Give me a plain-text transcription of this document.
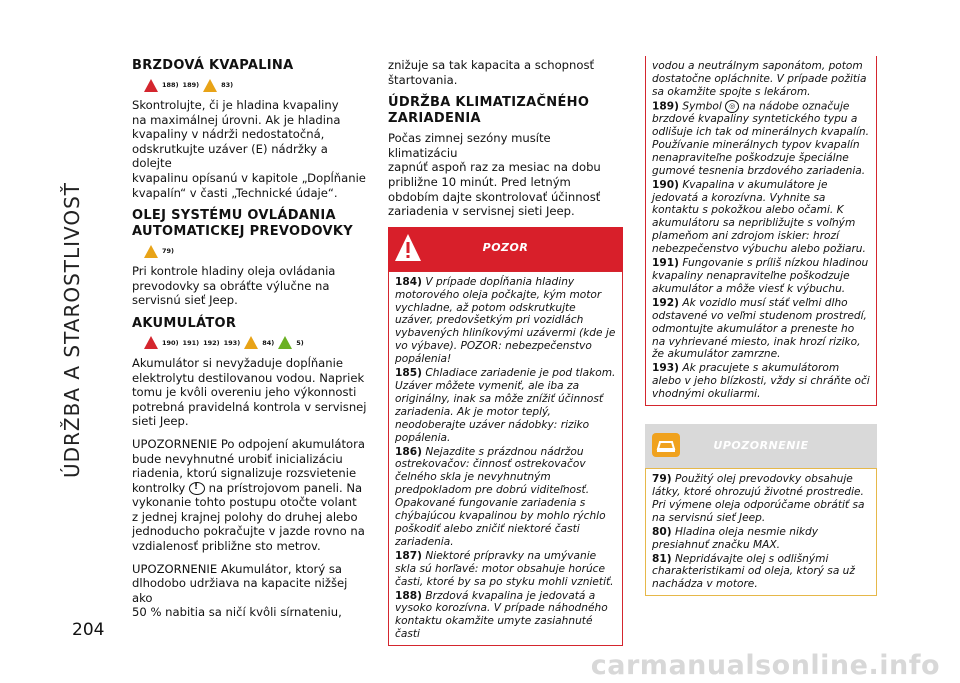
ÚDRŽBA A STAROSTLIVOSŤ
204
BRZDOVÁ KVAPALINA
188) 189)	83)

Skontrolujte, či je hladina kvapaliny
na maximálnej úrovni. Ak je hladina
kvapaliny v nádrži nedostatočná,
odskrutkujte uzáver (E) nádržky a dolejte
kvapalinu opísanú v kapitole „Dopĺňanie
kvapalín“ v časti „Technické údaje“.

OLEJ SYSTÉMU OVLÁDANIA AUTOMATICKEJ PREVODOVKY
79)

Pri kontrole hladiny oleja ovládania
prevodovky sa obráťte výlučne na
servisnú sieť Jeep.

AKUMULÁTOR
190) 191) 192) 193)	84)	5)

Akumulátor si nevyžaduje dopĺňanie
elektrolytu destilovanou vodou. Napriek
tomu je kvôli overeniu jeho výkonnosti
potrebná pravidelná kontrola v servisnej
sieti Jeep.

UPOZORNENIE Po odpojení akumulátora
bude nevyhnutné urobiť inicializáciu
riadenia, ktorú signalizuje rozsvietenie
kontrolky ! na prístrojovom paneli. Na
vykonanie tohto postupu otočte volant
z jednej krajnej polohy do druhej alebo
jednoducho pokračujte v jazde rovno na
vzdialenosť približne sto metrov.

UPOZORNENIE Akumulátor, ktorý sa
dlhodobo udržiava na kapacite nižšej ako
50 % nabitia sa ničí kvôli sírnateniu,

znižuje sa tak kapacita a schopnosť
štartovania.

ÚDRŽBA KLIMATIZAČNÉHO ZARIADENIA

Počas zimnej sezóny musíte klimatizáciu
zapnúť aspoň raz za mesiac na dobu
približne 10 minút. Pred letným
obdobím dajte skontrolovať účinnosť
zariadenia v servisnej sieti Jeep.

POZOR
184) V prípade dopĺňania hladiny motorového oleja počkajte, kým motor vychladne, až potom odskrutkujte uzáver, predovšetkým pri vozidlách vybavených hliníkovými uzávermi (kde je vo výbave). POZOR: nebezpečenstvo popálenia!
185) Chladiace zariadenie je pod tlakom. Uzáver môžete vymeniť, ale iba za originálny, inak sa môže znížiť účinnosť zariadenia. Ak je motor teplý, neodoberajte uzáver nádobky: riziko popálenia.
186) Nejazdite s prázdnou nádržou ostrekovačov: činnosť ostrekovačov čelného skla je nevyhnutným predpokladom pre dobrú viditeľnosť. Opakované fungovanie zariadenia s chýbajúcou kvapalinou by mohlo rýchlo poškodiť alebo zničiť niektoré časti zariadenia.
187) Niektoré prípravky na umývanie skla sú horľavé: motor obsahuje horúce časti, ktoré by sa po styku mohli vznietiť.
188) Brzdová kvapalina je jedovatá a vysoko korozívna. V prípade náhodného kontaktu okamžite umyte zasiahnuté časti
vodou a neutrálnym saponátom, potom dostatočne opláchnite. V prípade požitia sa okamžite spojte s lekárom.
189) Symbol ◎ na nádobe označuje brzdové kvapaliny syntetického typu a odlišuje ich tak od minerálnych kvapalín. Používanie minerálnych typov kvapalín nenapraviteľne poškodzuje špeciálne gumové tesnenia brzdového zariadenia.
190) Kvapalina v akumulátore je jedovatá a korozívna. Vyhnite sa kontaktu s pokožkou alebo očami. K akumulátoru sa nepribližujte s voľným plameňom ani zdrojom iskier: hrozí nebezpečenstvo výbuchu alebo požiaru.
191) Fungovanie s príliš nízkou hladinou kvapaliny nenapraviteľne poškodzuje akumulátor a môže viesť k výbuchu.
192) Ak vozidlo musí stáť veľmi dlho odstavené vo veľmi studenom prostredí, odmontujte akumulátor a preneste ho na vyhrievané miesto, inak hrozí riziko, že akumulátor zamrzne.
193) Ak pracujete s akumulátorom alebo v jeho blízkosti, vždy si chráňte oči vhodnými okuliarmi.
UPOZORNENIE
79) Použitý olej prevodovky obsahuje látky, ktoré ohrozujú životné prostredie. Pri výmene oleja odporúčame obrátiť sa na servisnú sieť Jeep.
80) Hladina oleja nesmie nikdy presiahnuť značku MAX.
81) Nepridávajte olej s odlišnými charakteristikami od oleja, ktorý sa už nachádza v motore.
carmanualsonline.info
